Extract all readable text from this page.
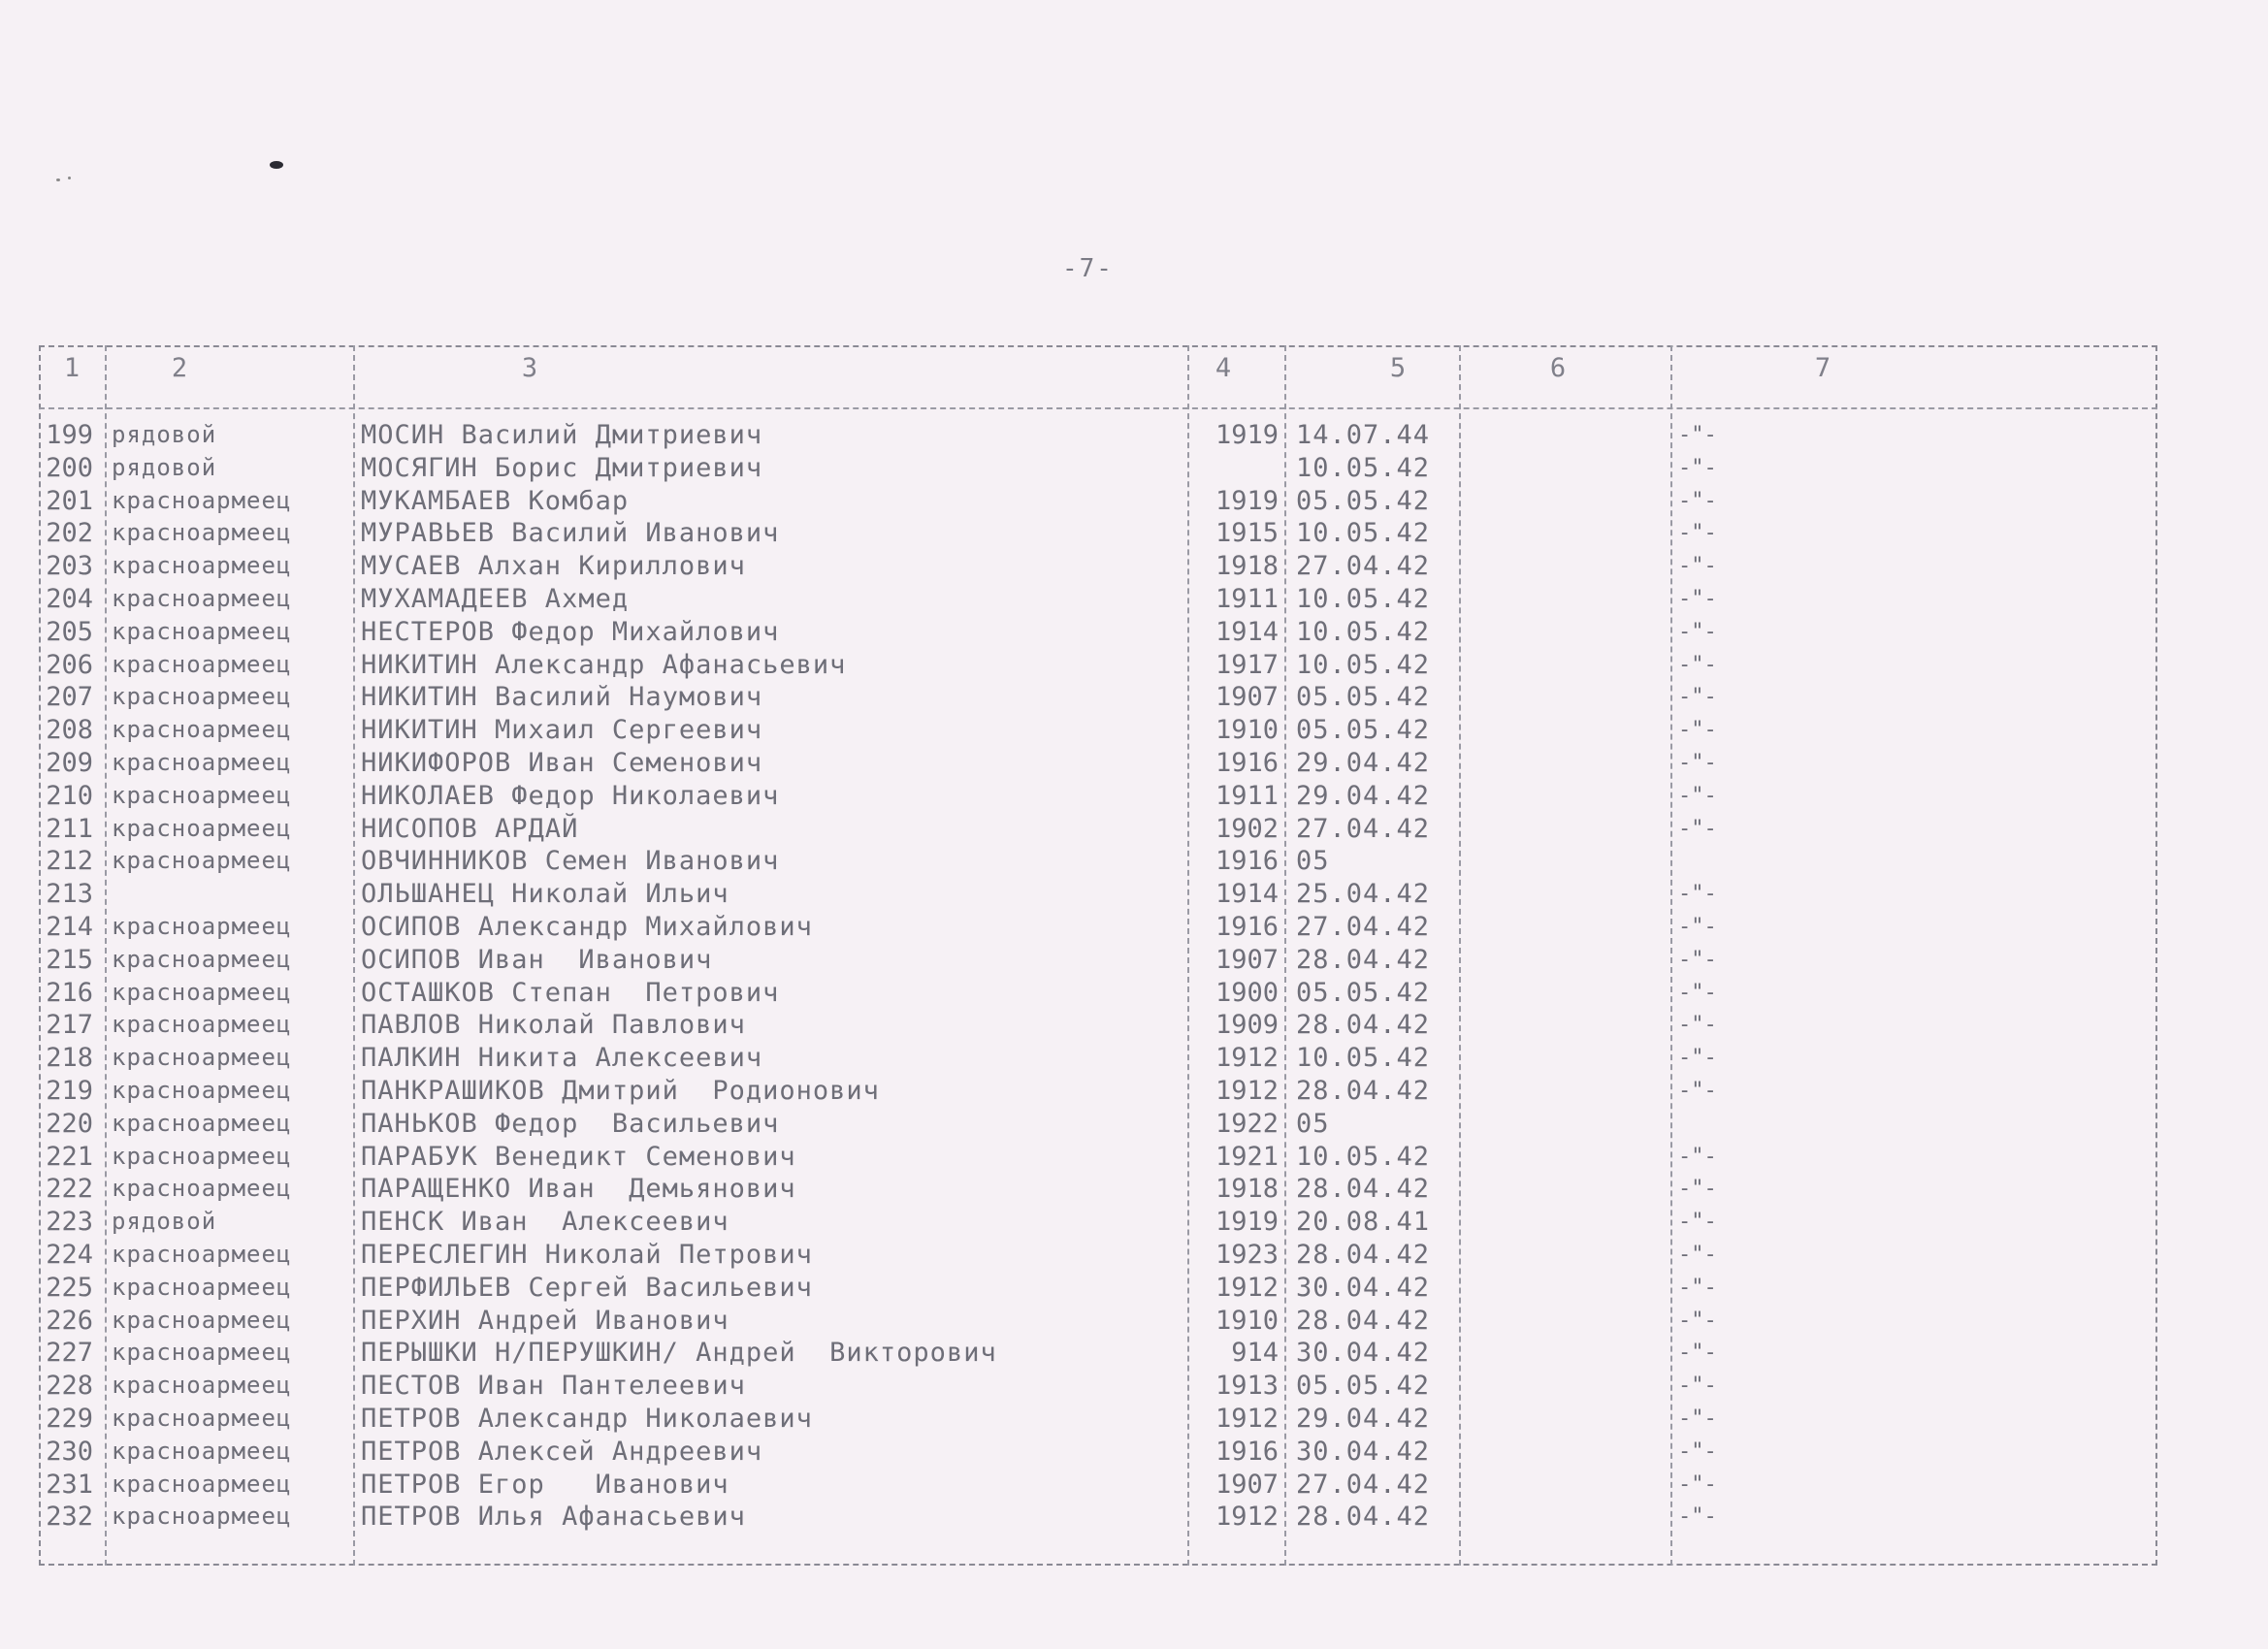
-7-
1	2	3	4	5	6	7
199 рядовой	МОСИН Василий Дмитриевич	1919 14.07.44	-"-
200 рядовой	МОСЯГИН Борис Дмитриевич	10.05.42	-"-
201 красноармеец	МУКАМБАЕВ Комбар	1919 05.05.42	-"-
202 красноармеец	МУРАВЬЕВ Василий Иванович	1915 10.05.42	-"-
203 красноармеец	МУСАЕВ Алхан Кириллович	1918 27.04.42	-"-
204 красноармеец	МУХАМАДЕЕВ Ахмед	1911 10.05.42	-"-
205 красноармеец	НЕСТЕРОВ Федор Михайлович	1914 10.05.42	-"-
206 красноармеец	НИКИТИН Александр Афанасьевич	1917 10.05.42	-"-
207 красноармеец	НИКИТИН Василий Наумович	1907 05.05.42	-"-
208 красноармеец	НИКИТИН Михаил Сергеевич	1910 05.05.42	-"-
209 красноармеец	НИКИФОРОВ Иван Семенович	1916 29.04.42	-"-
210 красноармеец	НИКОЛАЕВ Федор Николаевич	1911 29.04.42	-"-
211 красноармеец	НИСОПОВ АРДАЙ	1902 27.04.42	-"-
212 красноармеец	ОВЧИННИКОВ Семен Иванович	1916 05
213	ОЛЬШАНЕЦ Николай Ильич	1914 25.04.42	-"-
214 красноармеец	ОСИПОВ Александр Михайлович	1916 27.04.42	-"-
215 красноармеец	ОСИПОВ Иван  Иванович	1907 28.04.42	-"-
216 красноармеец	ОСТАШКОВ Степан  Петрович	1900 05.05.42	-"-
217 красноармеец	ПАВЛОВ Николай Павлович	1909 28.04.42	-"-
218 красноармеец	ПАЛКИН Никита Алексеевич	1912 10.05.42	-"-
219 красноармеец	ПАНКРАШИКОВ Дмитрий  Родионович	1912 28.04.42	-"-
220 красноармеец	ПАНЬКОВ Федор  Васильевич	1922 05
221 красноармеец	ПАРАБУК Венедикт Семенович	1921 10.05.42	-"-
222 красноармеец	ПАРАЩЕНКО Иван  Демьянович	1918 28.04.42	-"-
223 рядовой	ПЕНСК Иван  Алексеевич	1919 20.08.41	-"-
224 красноармеец	ПЕРЕСЛЕГИН Николай Петрович	1923 28.04.42	-"-
225 красноармеец	ПЕРФИЛЬЕВ Сергей Васильевич	1912 30.04.42	-"-
226 красноармеец	ПЕРХИН Андрей Иванович	1910 28.04.42	-"-
227 красноармеец	ПЕРЫШКИ Н/ПЕРУШКИН/ Андрей  Викторович	914 30.04.42	-"-
228 красноармеец	ПЕСТОВ Иван Пантелеевич	1913 05.05.42	-"-
229 красноармеец	ПЕТРОВ Александр Николаевич	1912 29.04.42	-"-
230 красноармеец	ПЕТРОВ Алексей Андреевич	1916 30.04.42	-"-
231 красноармеец	ПЕТРОВ Егор   Иванович	1907 27.04.42	-"-
232 красноармеец	ПЕТРОВ Илья Афанасьевич	1912 28.04.42	-"-
